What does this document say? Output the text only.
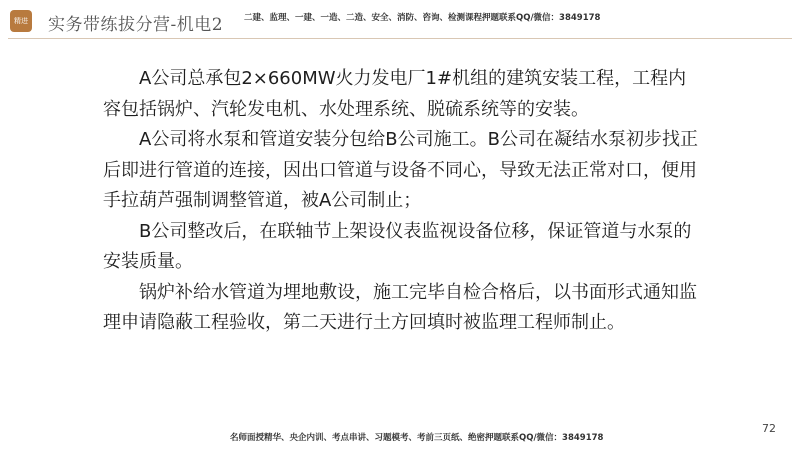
精进 实务带练拔分营-机电2 二建、监理、一建、一造、二造、安全、消防、咨询、检测课程押题联系QQ/微信：3849178

A公司总承包2×660MW火力发电厂1#机组的建筑安装工程，工程内容包括锅炉、汽轮发电机、水处理系统、脱硫系统等的安装。

A公司将水泵和管道安装分包给B公司施工。B公司在凝结水泵初步找正后即进行管道的连接，因出口管道与设备不同心，导致无法正常对口，便用手拉葫芦强制调整管道，被A公司制止；

B公司整改后，在联轴节上架设仪表监视设备位移，保证管道与水泵的安装质量。

锅炉补给水管道为埋地敷设，施工完毕自检合格后，以书面形式通知监理申请隐蔽工程验收，第二天进行土方回填时被监理工程师制止。

72
名师面授精华、央企内训、考点串讲、习题模考、考前三页纸、绝密押题联系QQ/微信：3849178
